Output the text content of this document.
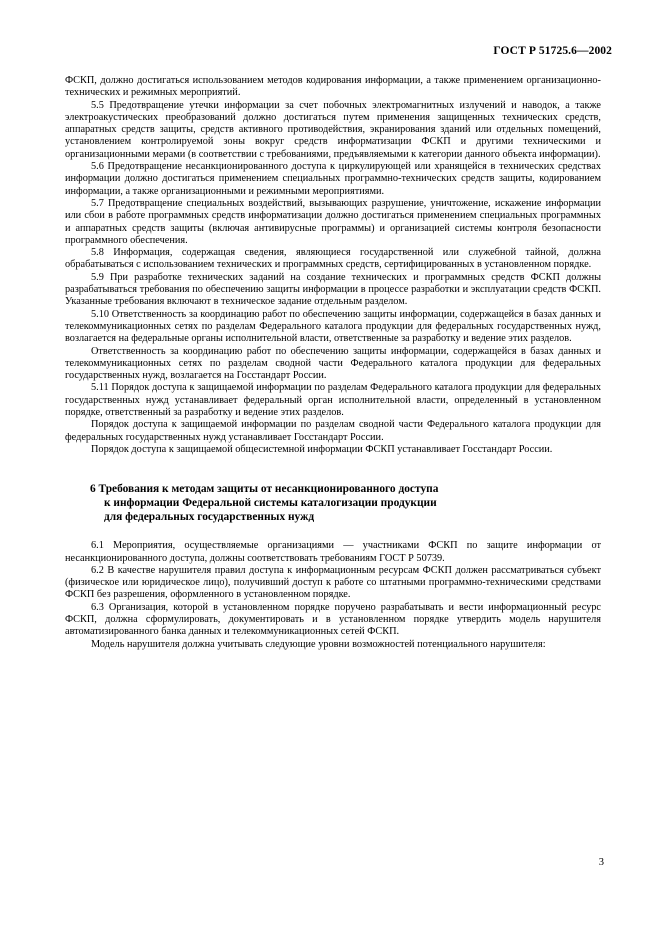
ГОСТ Р 51725.6—2002

ФСКП, должно достигаться использованием методов кодирования информации, а также применением организационно-технических и режимных мероприятий.

5.5 Предотвращение утечки информации за счет побочных электромагнитных излучений и наводок, а также электроакустических преобразований должно достигаться путем применения защищенных технических средств, аппаратных средств защиты, средств активного противодействия, экранирования зданий или отдельных помещений, установлением контролируемой зоны вокруг средств информатизации ФСКП и другими техническими и организационными мерами (в соответствии с требованиями, предъявляемыми к категории данного объекта информации).

5.6 Предотвращение несанкционированного доступа к циркулирующей или хранящейся в технических средствах информации должно достигаться применением специальных программно-технических средств защиты, кодированием информации, а также организационными и режимными мероприятиями.

5.7 Предотвращение специальных воздействий, вызывающих разрушение, уничтожение, искажение информации или сбои в работе программных средств информатизации должно достигаться применением специальных программных и аппаратных средств защиты (включая антивирусные программы) и организацией системы контроля безопасности программного обеспечения.

5.8 Информация, содержащая сведения, являющиеся государственной или служебной тайной, должна обрабатываться с использованием технических и программных средств, сертифицированных в установленном порядке.

5.9 При разработке технических заданий на создание технических и программных средств ФСКП должны разрабатываться требования по обеспечению защиты информации в процессе разработки и эксплуатации средств ФСКП. Указанные требования включают в техническое задание отдельным разделом.

5.10 Ответственность за координацию работ по обеспечению защиты информации, содержащейся в базах данных и телекоммуникационных сетях по разделам Федерального каталога продукции для федеральных государственных нужд, возлагается на федеральные органы исполнительной власти, ответственные за разработку и ведение этих разделов.

Ответственность за координацию работ по обеспечению защиты информации, содержащейся в базах данных и телекоммуникационных сетях по разделам сводной части Федерального каталога продукции для федеральных государственных нужд, возлагается на Госстандарт России.

5.11 Порядок доступа к защищаемой информации по разделам Федерального каталога продукции для федеральных государственных нужд устанавливает федеральный орган исполнительной власти, определенный в установленном порядке, ответственный за разработку и ведение этих разделов.

Порядок доступа к защищаемой информации по разделам сводной части Федерального каталога продукции для федеральных государственных нужд устанавливает Госстандарт России.

Порядок доступа к защищаемой общесистемной информации ФСКП устанавливает Госстандарт России.

6 Требования к методам защиты от несанкционированного доступа
к информации Федеральной системы каталогизации продукции
для федеральных государственных нужд

6.1 Мероприятия, осуществляемые организациями — участниками ФСКП по защите информации от несанкционированного доступа, должны соответствовать требованиям ГОСТ Р 50739.

6.2 В качестве нарушителя правил доступа к информационным ресурсам ФСКП должен рассматриваться субъект (физическое или юридическое лицо), получивший доступ к работе со штатными программно-техническими средствами ФСКП без разрешения, оформленного в установленном порядке.

6.3 Организация, которой в установленном порядке поручено разрабатывать и вести информационный ресурс ФСКП, должна сформулировать, документировать и в установленном порядке утвердить модель нарушителя автоматизированного банка данных и телекоммуникационных сетей ФСКП.

Модель нарушителя должна учитывать следующие уровни возможностей потенциального нарушителя:

3
